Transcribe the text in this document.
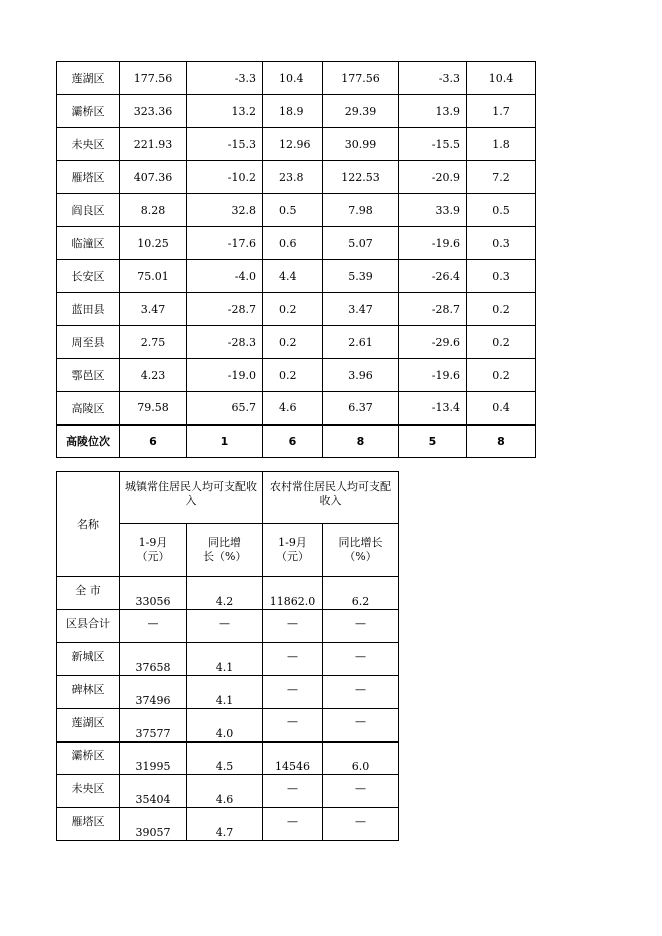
莲湖区	177.56	-3.3	10.4	177.56	-3.3	10.4
灞桥区	323.36	13.2	18.9	29.39	13.9	1.7
未央区	221.93	-15.3	12.96	30.99	-15.5	1.8
雁塔区	407.36	-10.2	23.8	122.53	-20.9	7.2
阎良区	8.28	32.8	0.5	7.98	33.9	0.5
临潼区	10.25	-17.6	0.6	5.07	-19.6	0.3
长安区	75.01	-4.0	4.4	5.39	-26.4	0.3
蓝田县	3.47	-28.7	0.2	3.47	-28.7	0.2
周至县	2.75	-28.3	0.2	2.61	-29.6	0.2
鄠邑区	4.23	-19.0	0.2	3.96	-19.6	0.2
高陵区	79.58	65.7	4.6	6.37	-13.4	0.4
高陵位次	6	1	6	8	5	8
名称	城镇常住居民人均可支配收入		农村常住居民人均可支配收入	
	1-9月（元）	同比增长（%）	1-9月（元）	同比增长（%）
全 市	33056	4.2	11862.0	6.2
区县合计	—	—	—	—
新城区	37658	4.1	—	—
碑林区	37496	4.1	—	—
莲湖区	37577	4.0	—	—
灞桥区	31995	4.5	14546	6.0
未央区	35404	4.6	—	—
雁塔区	39057	4.7	—	—
